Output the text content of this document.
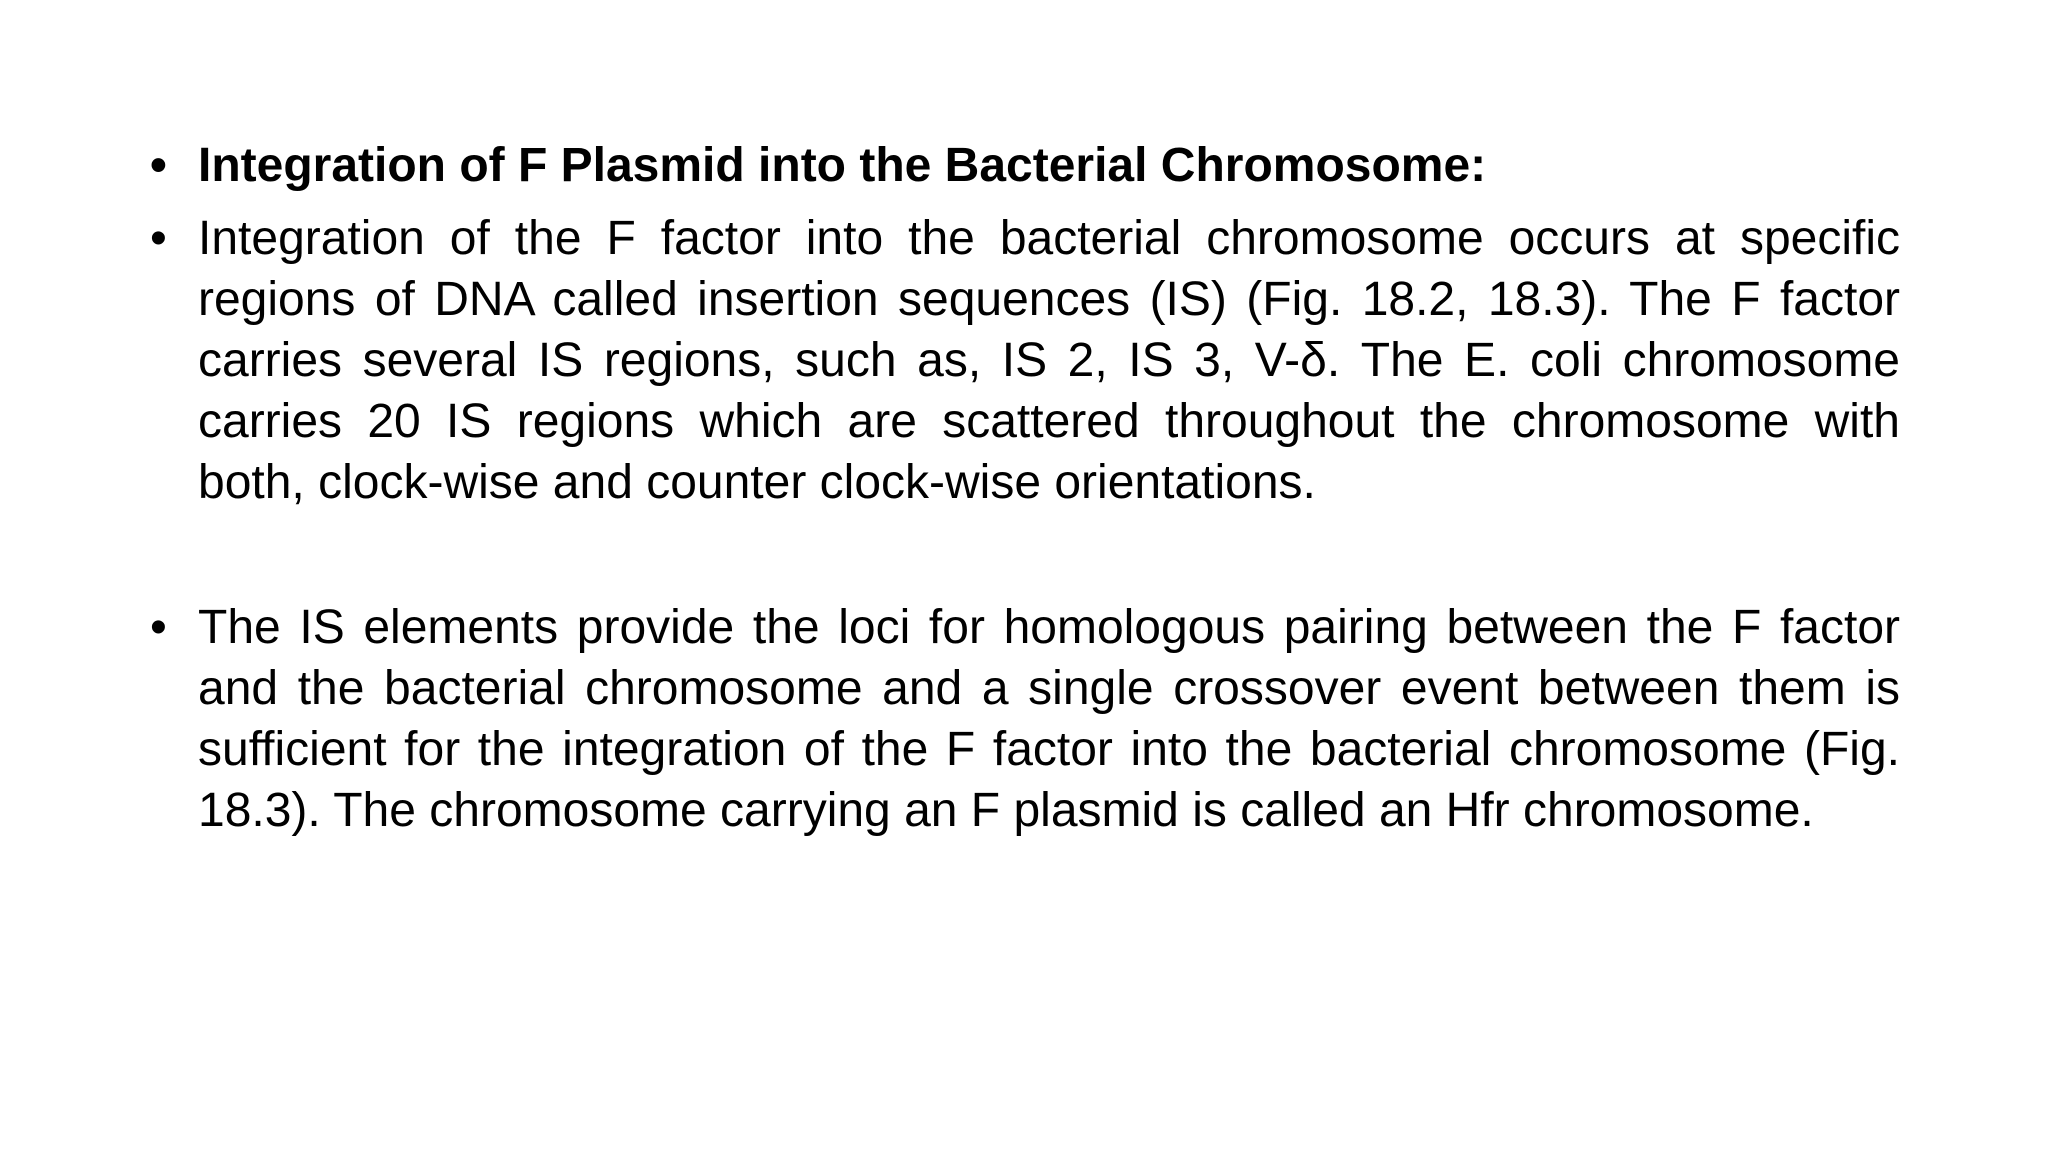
• Integration of F Plasmid into the Bacterial Chromosome:
• Integration of the F factor into the bacterial chromosome occurs at specific regions of DNA called insertion sequences (IS) (Fig. 18.2, 18.3). The F factor carries several IS regions, such as, IS 2, IS 3, V-δ. The E. coli chromosome carries 20 IS regions which are scattered throughout the chromosome with both, clock-wise and counter clock-wise orientations.
• The IS elements provide the loci for homologous pairing between the F factor and the bacterial chromosome and a single crossover event between them is sufficient for the integration of the F factor into the bacterial chromosome (Fig. 18.3). The chromosome carrying an F plasmid is called an Hfr chromosome.
